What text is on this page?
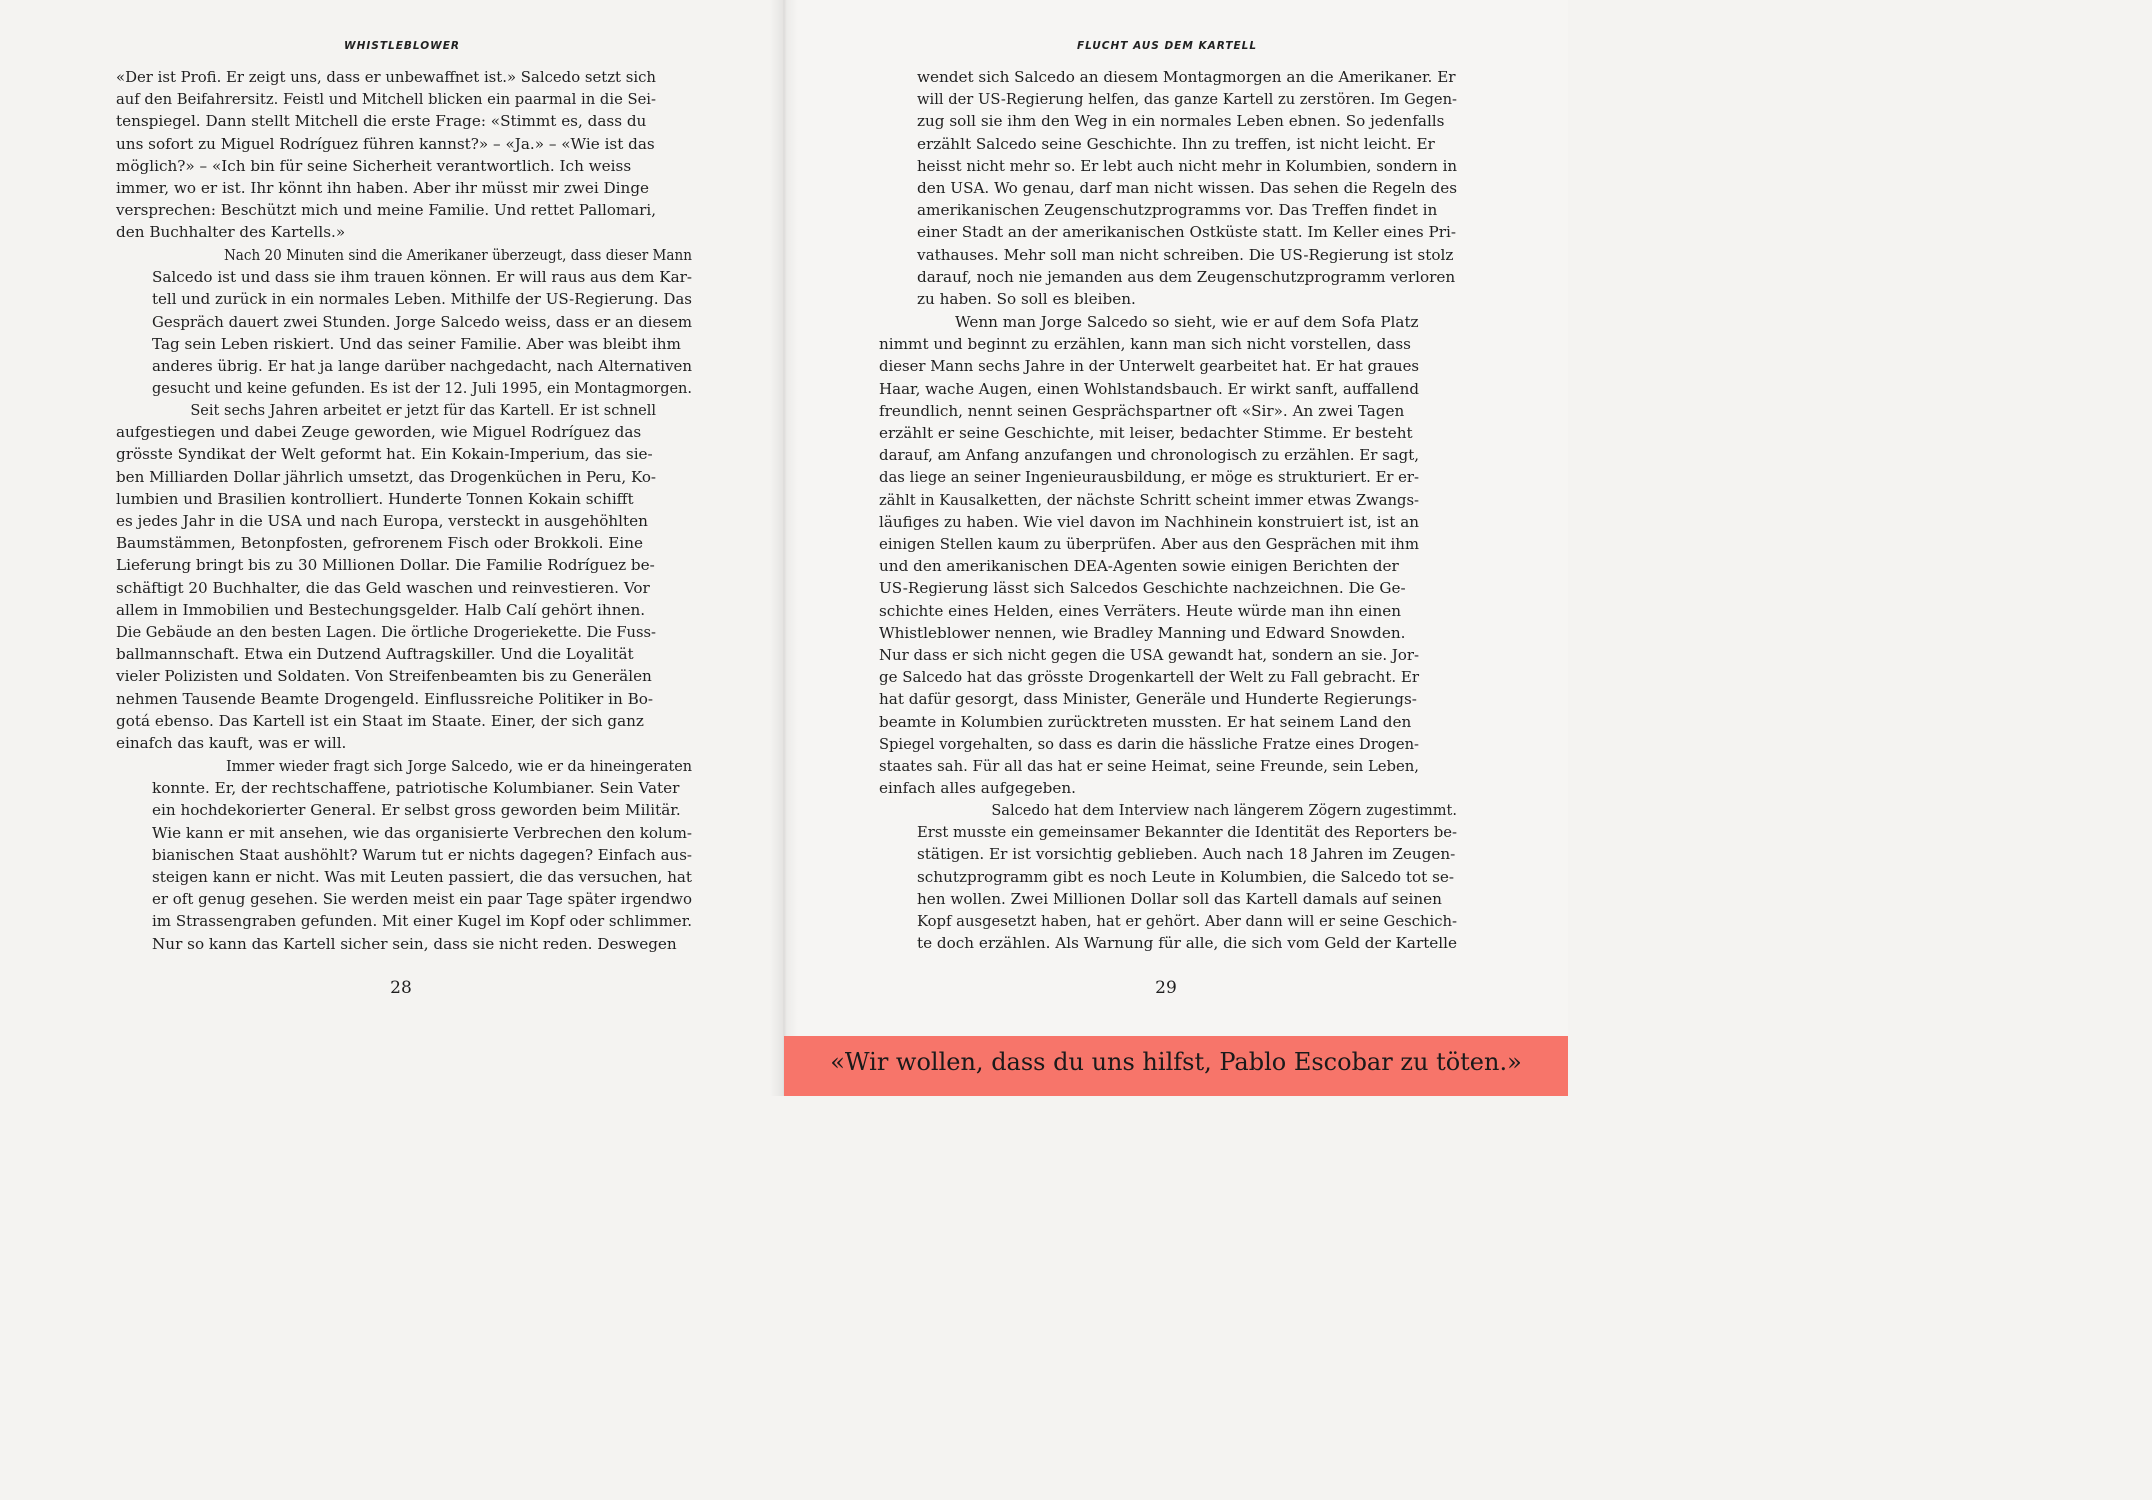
WHISTLEBLOWER
«Der ist Profi. Er zeigt uns, dass er unbewaffnet ist.» Salcedo setzt sich
auf den Beifahrersitz. Feistl und Mitchell blicken ein paarmal in die Sei-
tenspiegel. Dann stellt Mitchell die erste Frage: «Stimmt es, dass du
uns sofort zu Miguel Rodríguez führen kannst?» – «Ja.» – «Wie ist das
möglich?» – «Ich bin für seine Sicherheit verantwortlich. Ich weiss
immer, wo er ist. Ihr könnt ihn haben. Aber ihr müsst mir zwei Dinge
versprechen: Beschützt mich und meine Familie. Und rettet Pallomari,
den Buchhalter des Kartells.»
Nach 20 Minuten sind die Amerikaner überzeugt, dass dieser Mann
Salcedo ist und dass sie ihm trauen können. Er will raus aus dem Kar-
tell und zurück in ein normales Leben. Mithilfe der US-Regierung. Das
Gespräch dauert zwei Stunden. Jorge Salcedo weiss, dass er an diesem
Tag sein Leben riskiert. Und das seiner Familie. Aber was bleibt ihm
anderes übrig. Er hat ja lange darüber nachgedacht, nach Alternativen
gesucht und keine gefunden. Es ist der 12. Juli 1995, ein Montagmorgen.
Seit sechs Jahren arbeitet er jetzt für das Kartell. Er ist schnell
aufgestiegen und dabei Zeuge geworden, wie Miguel Rodríguez das
grösste Syndikat der Welt geformt hat. Ein Kokain-Imperium, das sie-
ben Milliarden Dollar jährlich umsetzt, das Drogenküchen in Peru, Ko-
lumbien und Brasilien kontrolliert. Hunderte Tonnen Kokain schifft
es jedes Jahr in die USA und nach Europa, versteckt in ausgehöhlten
Baumstämmen, Betonpfosten, gefrorenem Fisch oder Brokkoli. Eine
Lieferung bringt bis zu 30 Millionen Dollar. Die Familie Rodríguez be-
schäftigt 20 Buchhalter, die das Geld waschen und reinvestieren. Vor
allem in Immobilien und Bestechungsgelder. Halb Calí gehört ihnen.
Die Gebäude an den besten Lagen. Die örtliche Drogeriekette. Die Fuss-
ballmannschaft. Etwa ein Dutzend Auftragskiller. Und die Loyalität
vieler Polizisten und Soldaten. Von Streifenbeamten bis zu Generälen
nehmen Tausende Beamte Drogengeld. Einflussreiche Politiker in Bo-
gotá ebenso. Das Kartell ist ein Staat im Staate. Einer, der sich ganz
einafch das kauft, was er will.
Immer wieder fragt sich Jorge Salcedo, wie er da hineingeraten
konnte. Er, der rechtschaffene, patriotische Kolumbianer. Sein Vater
ein hochdekorierter General. Er selbst gross geworden beim Militär.
Wie kann er mit ansehen, wie das organisierte Verbrechen den kolum-
bianischen Staat aushöhlt? Warum tut er nichts dagegen? Einfach aus-
steigen kann er nicht. Was mit Leuten passiert, die das versuchen, hat
er oft genug gesehen. Sie werden meist ein paar Tage später irgendwo
im Strassengraben gefunden. Mit einer Kugel im Kopf oder schlimmer.
Nur so kann das Kartell sicher sein, dass sie nicht reden. Deswegen
28
FLUCHT AUS DEM KARTELL
wendet sich Salcedo an diesem Montagmorgen an die Amerikaner. Er
will der US-Regierung helfen, das ganze Kartell zu zerstören. Im Gegen-
zug soll sie ihm den Weg in ein normales Leben ebnen. So jedenfalls
erzählt Salcedo seine Geschichte. Ihn zu treffen, ist nicht leicht. Er
heisst nicht mehr so. Er lebt auch nicht mehr in Kolumbien, sondern in
den USA. Wo genau, darf man nicht wissen. Das sehen die Regeln des
amerikanischen Zeugenschutzprogramms vor. Das Treffen findet in
einer Stadt an der amerikanischen Ostküste statt. Im Keller eines Pri-
vathauses. Mehr soll man nicht schreiben. Die US-Regierung ist stolz
darauf, noch nie jemanden aus dem Zeugenschutzprogramm verloren
zu haben. So soll es bleiben.
Wenn man Jorge Salcedo so sieht, wie er auf dem Sofa Platz
nimmt und beginnt zu erzählen, kann man sich nicht vorstellen, dass
dieser Mann sechs Jahre in der Unterwelt gearbeitet hat. Er hat graues
Haar, wache Augen, einen Wohlstandsbauch. Er wirkt sanft, auffallend
freundlich, nennt seinen Gesprächspartner oft «Sir». An zwei Tagen
erzählt er seine Geschichte, mit leiser, bedachter Stimme. Er besteht
darauf, am Anfang anzufangen und chronologisch zu erzählen. Er sagt,
das liege an seiner Ingenieurausbildung, er möge es strukturiert. Er er-
zählt in Kausalketten, der nächste Schritt scheint immer etwas Zwangs-
läufiges zu haben. Wie viel davon im Nachhinein konstruiert ist, ist an
einigen Stellen kaum zu überprüfen. Aber aus den Gesprächen mit ihm
und den amerikanischen DEA-Agenten sowie einigen Berichten der
US-Regierung lässt sich Salcedos Geschichte nachzeichnen. Die Ge-
schichte eines Helden, eines Verräters. Heute würde man ihn einen
Whistleblower nennen, wie Bradley Manning und Edward Snowden.
Nur dass er sich nicht gegen die USA gewandt hat, sondern an sie. Jor-
ge Salcedo hat das grösste Drogenkartell der Welt zu Fall gebracht. Er
hat dafür gesorgt, dass Minister, Generäle und Hunderte Regierungs-
beamte in Kolumbien zurücktreten mussten. Er hat seinem Land den
Spiegel vorgehalten, so dass es darin die hässliche Fratze eines Drogen-
staates sah. Für all das hat er seine Heimat, seine Freunde, sein Leben,
einfach alles aufgegeben.
Salcedo hat dem Interview nach längerem Zögern zugestimmt.
Erst musste ein gemeinsamer Bekannter die Identität des Reporters be-
stätigen. Er ist vorsichtig geblieben. Auch nach 18 Jahren im Zeugen-
schutzprogramm gibt es noch Leute in Kolumbien, die Salcedo tot se-
hen wollen. Zwei Millionen Dollar soll das Kartell damals auf seinen
Kopf ausgesetzt haben, hat er gehört. Aber dann will er seine Geschich-
te doch erzählen. Als Warnung für alle, die sich vom Geld der Kartelle
29
«Wir wollen, dass du uns hilfst, Pablo Escobar zu töten.»
